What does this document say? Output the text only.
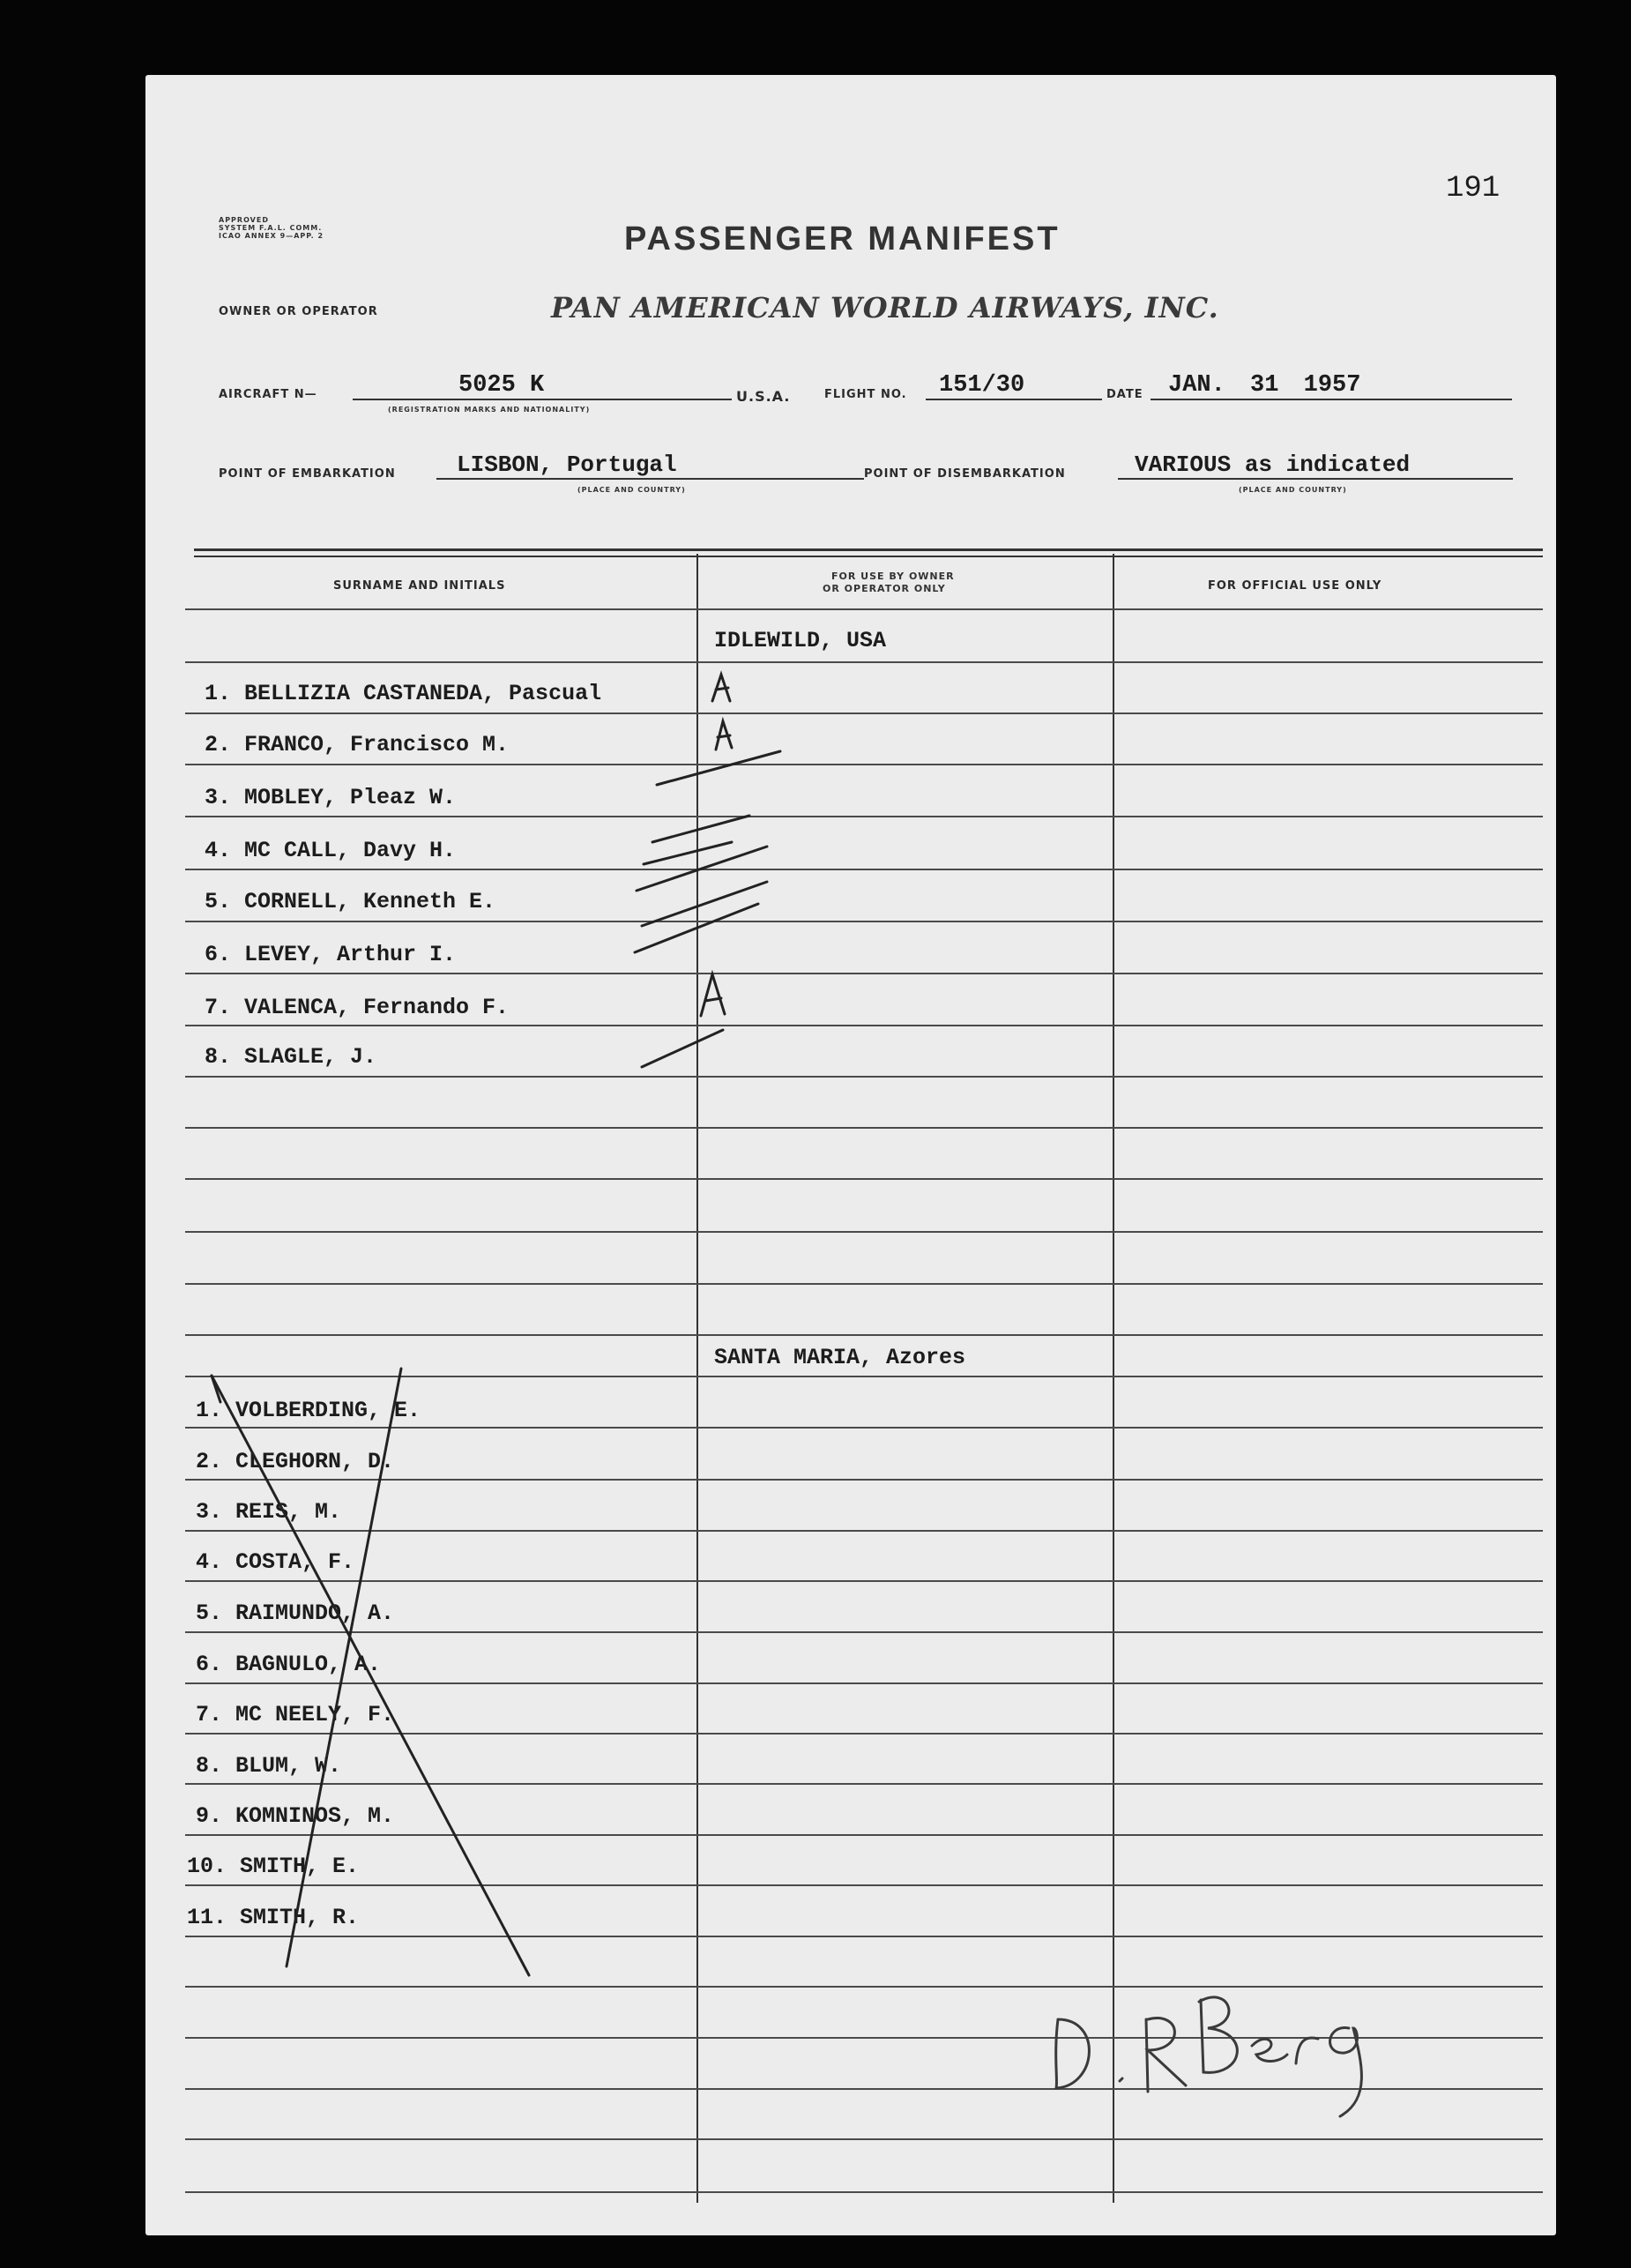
191
APPROVED
SYSTEM F.A.L. COMM.
ICAO ANNEX 9—APP. 2	PASSENGER MANIFEST
OWNER OR OPERATOR	PAN AMERICAN WORLD AIRWAYS, INC.
AIRCRAFT N—	5025 K
(REGISTRATION MARKS AND NATIONALITY)
U.S.A.	FLIGHT NO. 151/30	DATE JAN. 31 1957
POINT OF EMBARKATION	LISBON, Portugal
(PLACE AND COUNTRY)
POINT OF DISEMBARKATION	VARIOUS as indicated
(PLACE AND COUNTRY)
SURNAME AND INITIALS
FOR USE BY OWNER
OR OPERATOR ONLY	FOR OFFICIAL USE ONLY
IDLEWILD, USA
1. BELLIZIA CASTANEDA, Pascual
2. FRANCO, Francisco M.
3. MOBLEY, Pleaz W.
4. MC CALL, Davy H.
5. CORNELL, Kenneth E.
6. LEVEY, Arthur I.
7. VALENCA, Fernando F.
8. SLAGLE, J.
SANTA MARIA, Azores
1. VOLBERDING, E.
2. CLEGHORN, D.
3. REIS, M.
4. COSTA, F.
5. RAIMUNDO, A.
6. BAGNULO, A.
7. MC NEELY, F.
8. BLUM, W.
9. KOMNINOS, M.
10. SMITH, E.
11. SMITH, R.
